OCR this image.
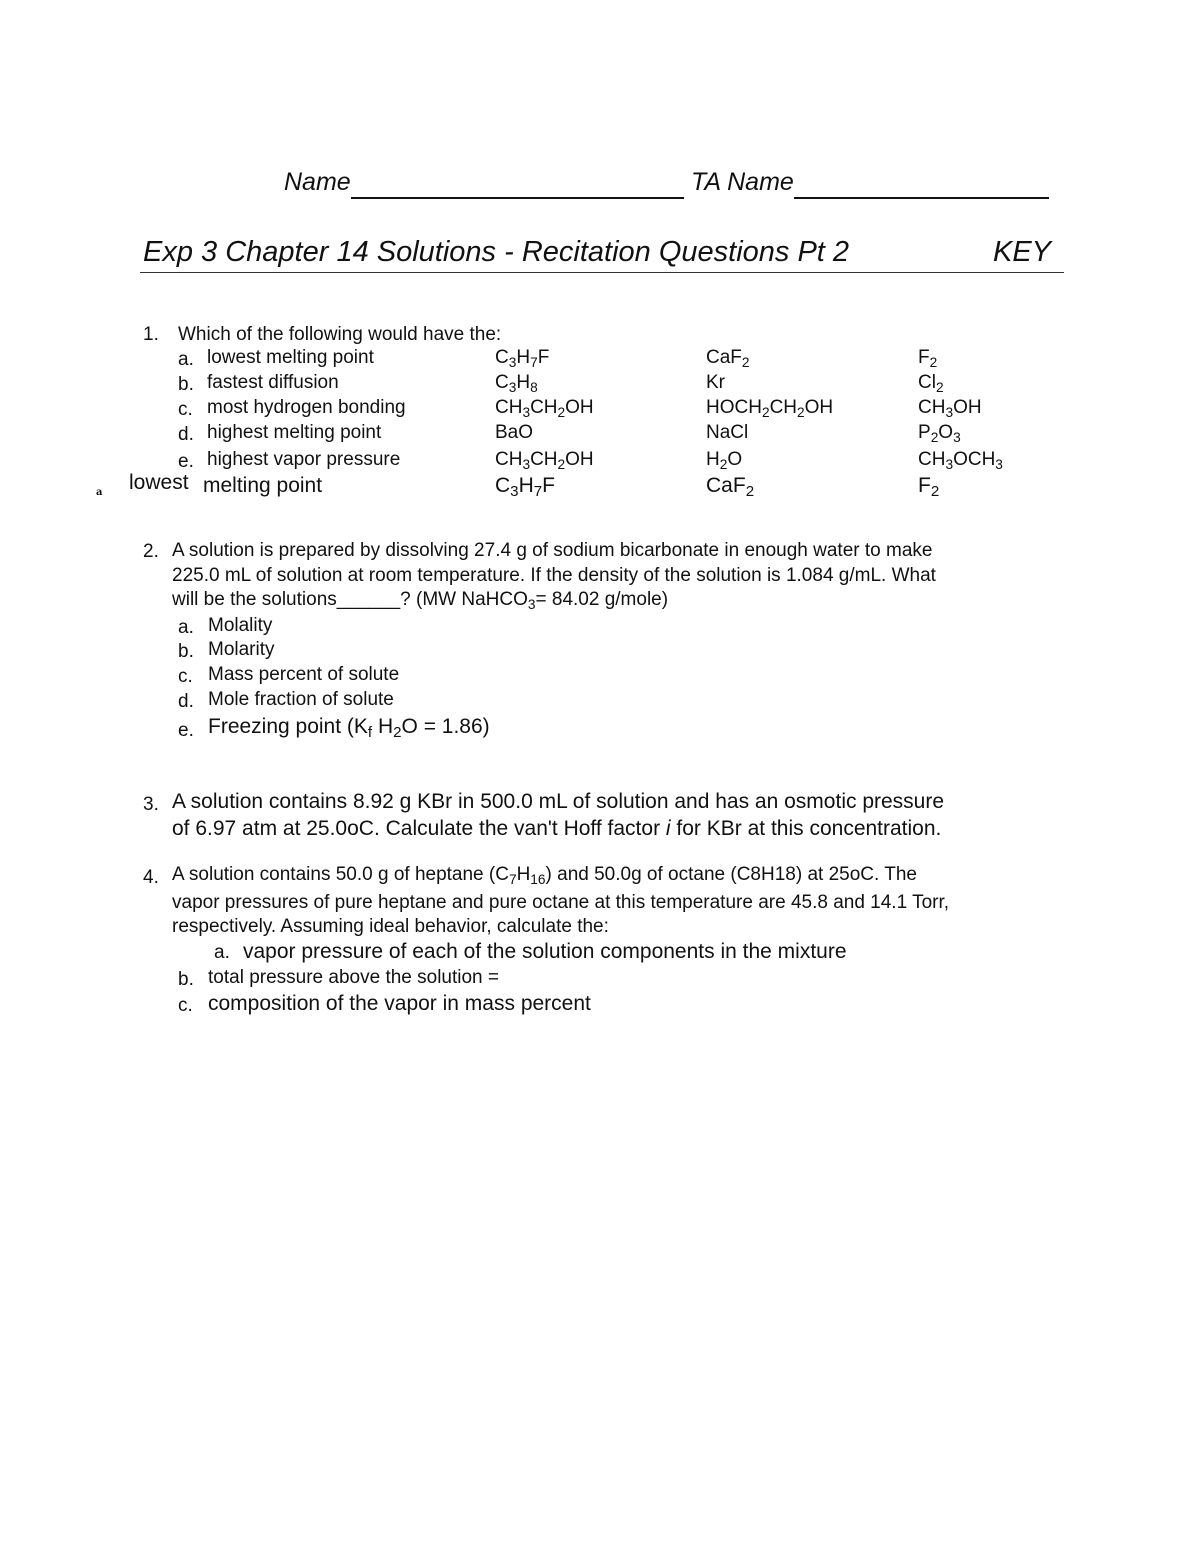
Name	TA Name
Exp 3 Chapter 14 Solutions - Recitation Questions Pt 2	KEY
1. Which of the following would have the:
a. lowest melting point	$C_3H_7F$	CaF$_2$	$F_2$
b. fastest diffusion	$C_3H_8$	Kr	$Cl_2$
c. most hydrogen bonding	$CH_3CH_2OH$	$HOCH_2CH_2OH$	$CH_3OH$
d. highest melting point	BaO	NaCl	$P_2O_3$
e. highest vapor pressure	$CH_3CH_2OH$	$H_2O$	$CH_3OCH_3$
a lowest melting point	$C_3H_7F$	CaF$_2$	$F_2$
2. A solution is prepared by dissolving 27.4 g of sodium bicarbonate in enough water to make
225.0 mL of solution at room temperature. If the density of the solution is 1.084 g/mL. What
will be the solutions______? (MW NaHCO$_3$= 84.02 g/mole)
a. Molality
b. Molarity
c. Mass percent of solute
d. Mole fraction of solute
e. Freezing point ($K_f$ $H_2O = 1.86$)
3. A solution contains 8.92 g KBr in 500.0 mL of solution and has an osmotic pressure
of 6.97 atm at 25.0oC. Calculate the van't Hoff factor i for KBr at this concentration.
4. A solution contains 50.0 g of heptane $(C_7H_{16})$ and 50.0g of octane (C8H18) at 25oC. The
vapor pressures of pure heptane and pure octane at this temperature are 45.8 and 14.1 Torr,
respectively. Assuming ideal behavior, calculate the:
a. vapor pressure of each of the solution components in the mixture
b. total pressure above the solution =
c. composition of the vapor in mass percent
